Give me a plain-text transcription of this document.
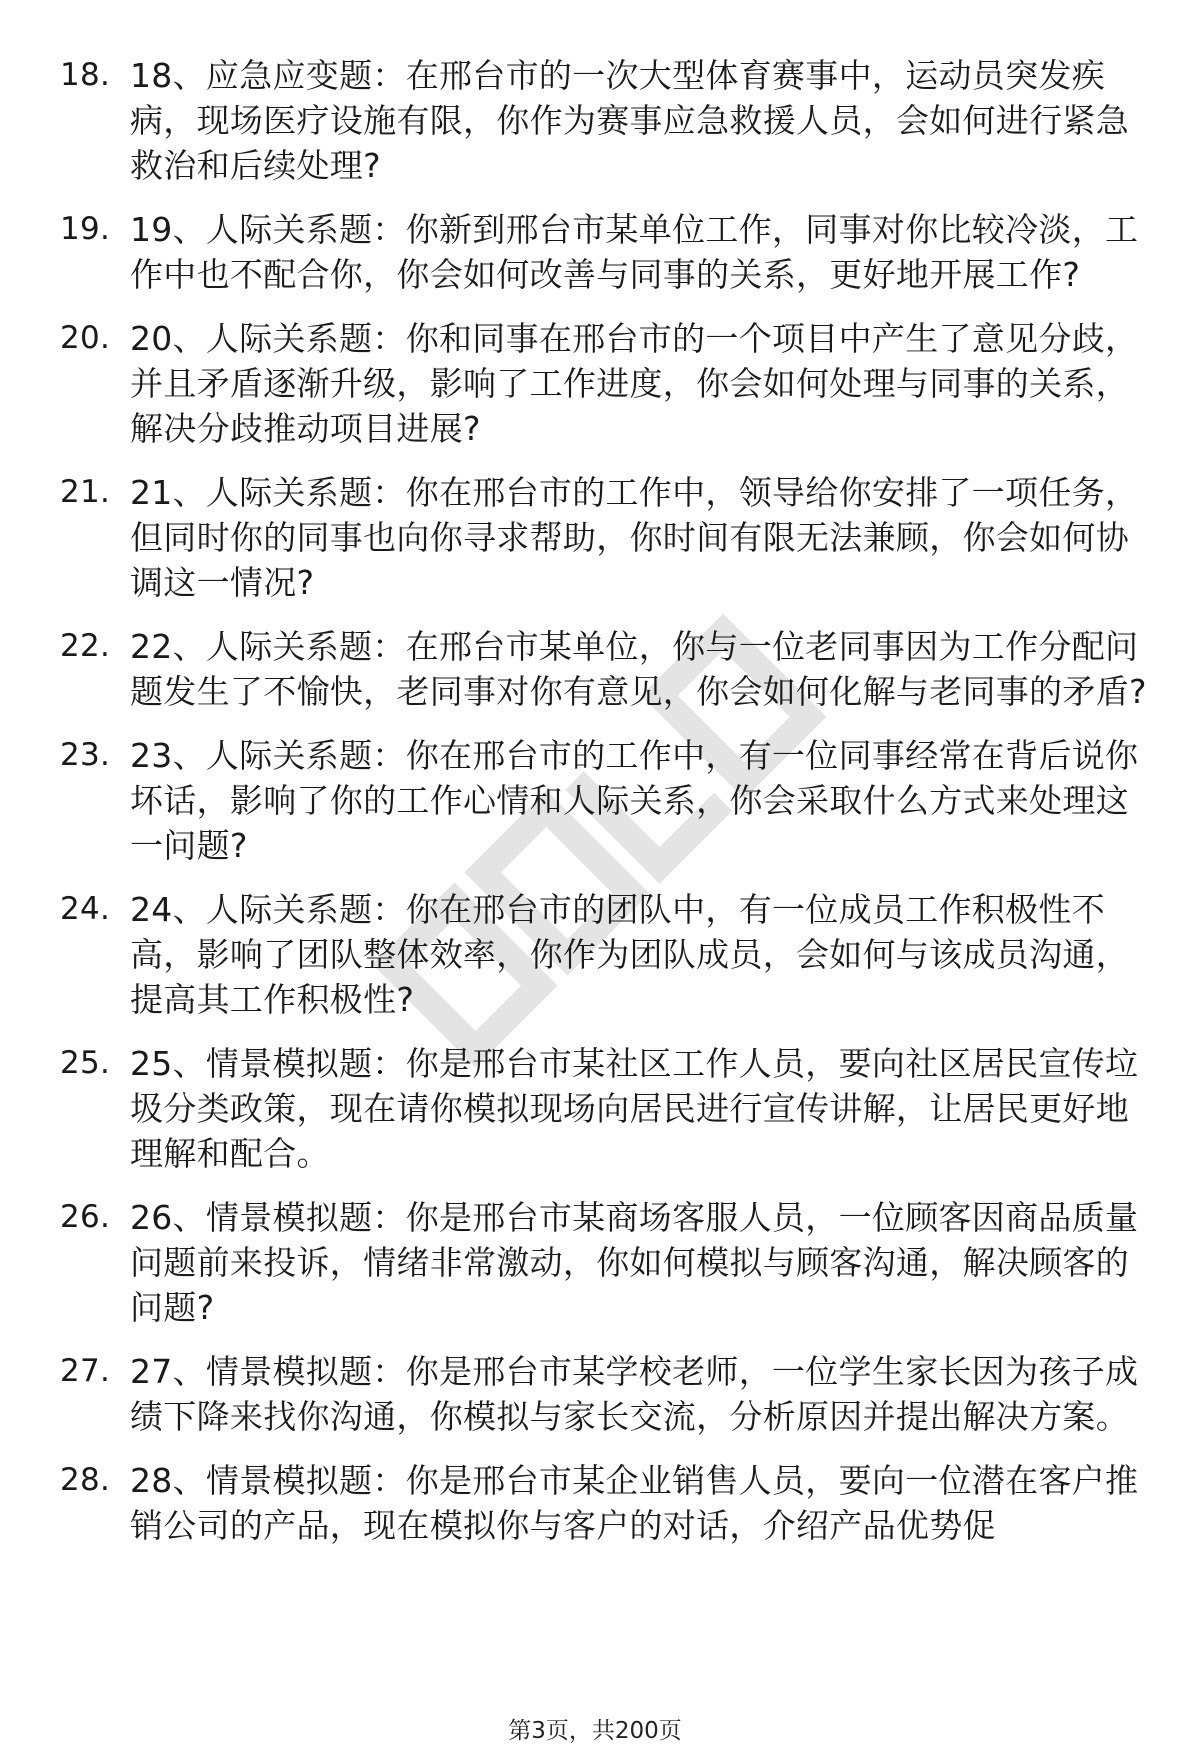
18. 18、应急应变题：在邢台市的一次大型体育赛事中，运动员突发疾病，现场医疗设施有限，你作为赛事应急救援人员，会如何进行紧急救治和后续处理?
19. 19、人际关系题：你新到邢台市某单位工作，同事对你比较冷淡，工作中也不配合你，你会如何改善与同事的关系，更好地开展工作?
20. 20、人际关系题：你和同事在邢台市的一个项目中产生了意见分歧，并且矛盾逐渐升级，影响了工作进度，你会如何处理与同事的关系，解决分歧推动项目进展?
21. 21、人际关系题：你在邢台市的工作中，领导给你安排了一项任务，但同时你的同事也向你寻求帮助，你时间有限无法兼顾，你会如何协调这一情况?
22. 22、人际关系题：在邢台市某单位，你与一位老同事因为工作分配问题发生了不愉快，老同事对你有意见，你会如何化解与老同事的矛盾?
23. 23、人际关系题：你在邢台市的工作中，有一位同事经常在背后说你坏话，影响了你的工作心情和人际关系，你会采取什么方式来处理这一问题?
24. 24、人际关系题：你在邢台市的团队中，有一位成员工作积极性不高，影响了团队整体效率，你作为团队成员，会如何与该成员沟通，提高其工作积极性?
25. 25、情景模拟题：你是邢台市某社区工作人员，要向社区居民宣传垃圾分类政策，现在请你模拟现场向居民进行宣传讲解，让居民更好地理解和配合。
26. 26、情景模拟题：你是邢台市某商场客服人员，一位顾客因商品质量问题前来投诉，情绪非常激动，你如何模拟与顾客沟通，解决顾客的问题?
27. 27、情景模拟题：你是邢台市某学校老师，一位学生家长因为孩子成绩下降来找你沟通，你模拟与家长交流，分析原因并提出解决方案。
28. 28、情景模拟题：你是邢台市某企业销售人员，要向一位潜在客户推销公司的产品，现在模拟你与客户的对话，介绍产品优势促
第3页，共200页
